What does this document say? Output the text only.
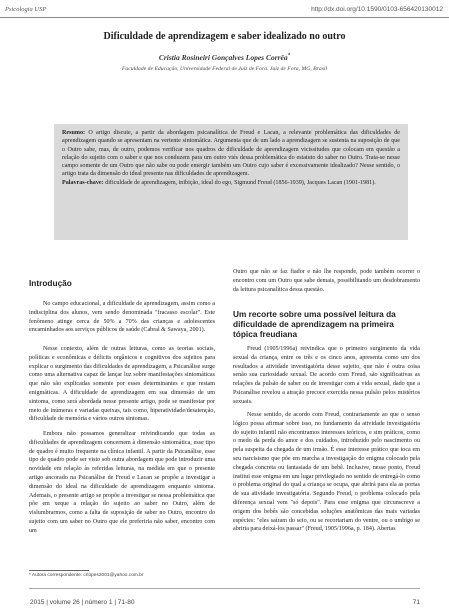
Psicologia USP	http://dx.doi.org/10.1590/0103-656420130012
Dificuldade de aprendizagem e saber idealizado no outro
Cristia Rosineiri Gonçalves Lopes Corrêa*
Faculdade de Educação, Universidade Federal de Juiz de Fora. Juiz de Fora, MG, Brasil
Resumo: O artigo discute, a partir da abordagem psicanalítica de Freud e Lacan, a relevante problemática das dificuldades de aprendizagem quando se apresentam na vertente sintomática. Argumenta que de um lado a aprendizagem se sustenta na suposição de que o Outro sabe, mas, de outro, podemos verificar nos quadros de dificuldade de aprendizagem vicissitudes que colocam em questão a relação do sujeito com o saber e que nos conduzem para um outro viés dessa problemática do estatuto do saber no Outro. Trata-se nesse campo somente de um Outro que não sabe ou pode emergir também um Outro cujo saber é excessivamente idealizado? Nesse sentido, o artigo trata da dimensão do ideal presente nas dificuldades de aprendizagem.
Palavras-chave: dificuldade de aprendizagem, inibição, ideal do ego, Sigmund Freud (1856-1939), Jacques Lacan (1901-1981).
Introdução

No campo educacional, a dificuldade de aprendizagem, assim como a indisciplina dos alunos, vem sendo denominada "fracasso escolar". Este fenômeno atinge cerca de 50% a 70% das crianças e adolescentes encaminhados aos serviços públicos de saúde (Cabral & Sawaya, 2001).

Nesse contexto, além de outras leituras, como as teorias sociais, políticas e econômicas e déficits orgânicos e cognitivos dos sujeitos para explicar o surgimento das dificuldades de aprendizagem, a Psicanálise surge como uma alternativa capaz de lançar luz sobre manifestações sintomáticas que não são explicadas somente por esses determinantes e que restam enigmáticas. A dificuldade de aprendizagem em sua dimensão de um sintoma, como será abordada nesse presente artigo, pode se manifestar por meio de inúmeras e variadas queixas, tais como, hiperatividade/desatenção, dificuldade de memória e vários outros sintomas.

Embora não possamos generalizar reivindicando que todas as dificuldades de aprendizagem concernem à dimensão sintomática, esse tipo de quadro é muito frequente na clínica infantil. A partir da Psicanálise, esse tipo de quadro pode ser visto sob outra abordagem que pode introduzir uma novidade em relação às referidas leituras, na medida em que o presente artigo ancorado na Psicanálise de Freud e Lacan se propõe a investigar a dimensão do ideal na dificuldade de aprendizagem enquanto sintoma. Ademais, o presente artigo se propõe a investigar se nessa problemática que põe em xeque a relação do sujeito ao saber no Outro, além de vislumbrarmos, como a falta de suposição de saber no Outro, encontro do sujeito com um saber no Outro que ele preferiria não saber, encontro com um

Outro que não se faz fiador e não lhe responde, pode também ocorrer o encontro com um Outro que sabe demais, possibilitando um desdobramento da leitura psicanalítica dessa questão.

Um recorte sobre uma possível leitura da dificuldade de aprendizagem na primeira tópica freudiana

Freud (1905/1996a) reivindica que o primeiro surgimento da vida sexual da criança, entre os três e os cinco anos, apresenta como um dos resultados a atividade investigatória desse sujeito, que não é outra coisa senão sua curiosidade sexual. De acordo com Freud, são significativas as relações da pulsão de saber ou de investigar com a vida sexual, dado que a Psicanálise revelou a atração precoce exercida nessa pulsão pelos mistérios sexuais.

Nesse sentido, de acordo com Freud, contrariamente ao que o senso lógico possa afirmar sobre isso, no fundamento da atividade investigatória do sujeito infantil não encontramos interesses teóricos, e sim práticos, como o medo da perda do amor e dos cuidados, introduzido pelo nascimento ou pela suspeita da chegada de um irmão. É esse interesse prático que toca em seu narcisismo que põe em marcha a investigação do enigma colocado pela chegada concreta ou fantasiada de um bebê. Inclusive, nesse ponto, Freud institui esse enigma em um lugar privilegiado no sentido de entregá-lo como o problema original do qual a criança se ocupa, que abrirá para ela as portas de sua atividade investigatória. Segundo Freud, o problema colocado pela diferença sexual vem "só depois". Para esse enigma que circunscreve a origem dos bebês são concebidas soluções anatômicas das mais variadas espécies: "eles saíram do seio, ou se recortariam do ventre, ou o umbigo se abriria para deixá-los passar" (Freud, 1905/1996a, p. 184). Abertas

* Autora correspondente: crlopes2001@yahoo.com.br
2015 | volume 26 | número 1 | 71-80	71
